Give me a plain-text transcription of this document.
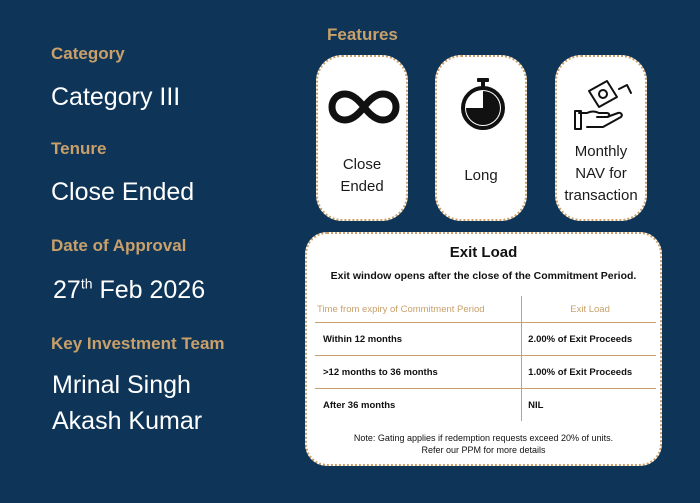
Category
Category III
Tenure
Close Ended
Date of Approval
27th Feb 2026
Key Investment Team
Mrinal Singh
Akash Kumar
Features
Close
Ended
Long
Monthly
NAV for
transaction
Exit Load
Exit window opens after the close of the Commitment Period.
Time from expiry of Commitment Period	Exit Load
Within 12 months	2.00% of Exit Proceeds
>12 months to 36 months	1.00% of Exit Proceeds
After 36 months	NIL
Note: Gating applies if redemption requests exceed 20% of units.
Refer our PPM for more details
